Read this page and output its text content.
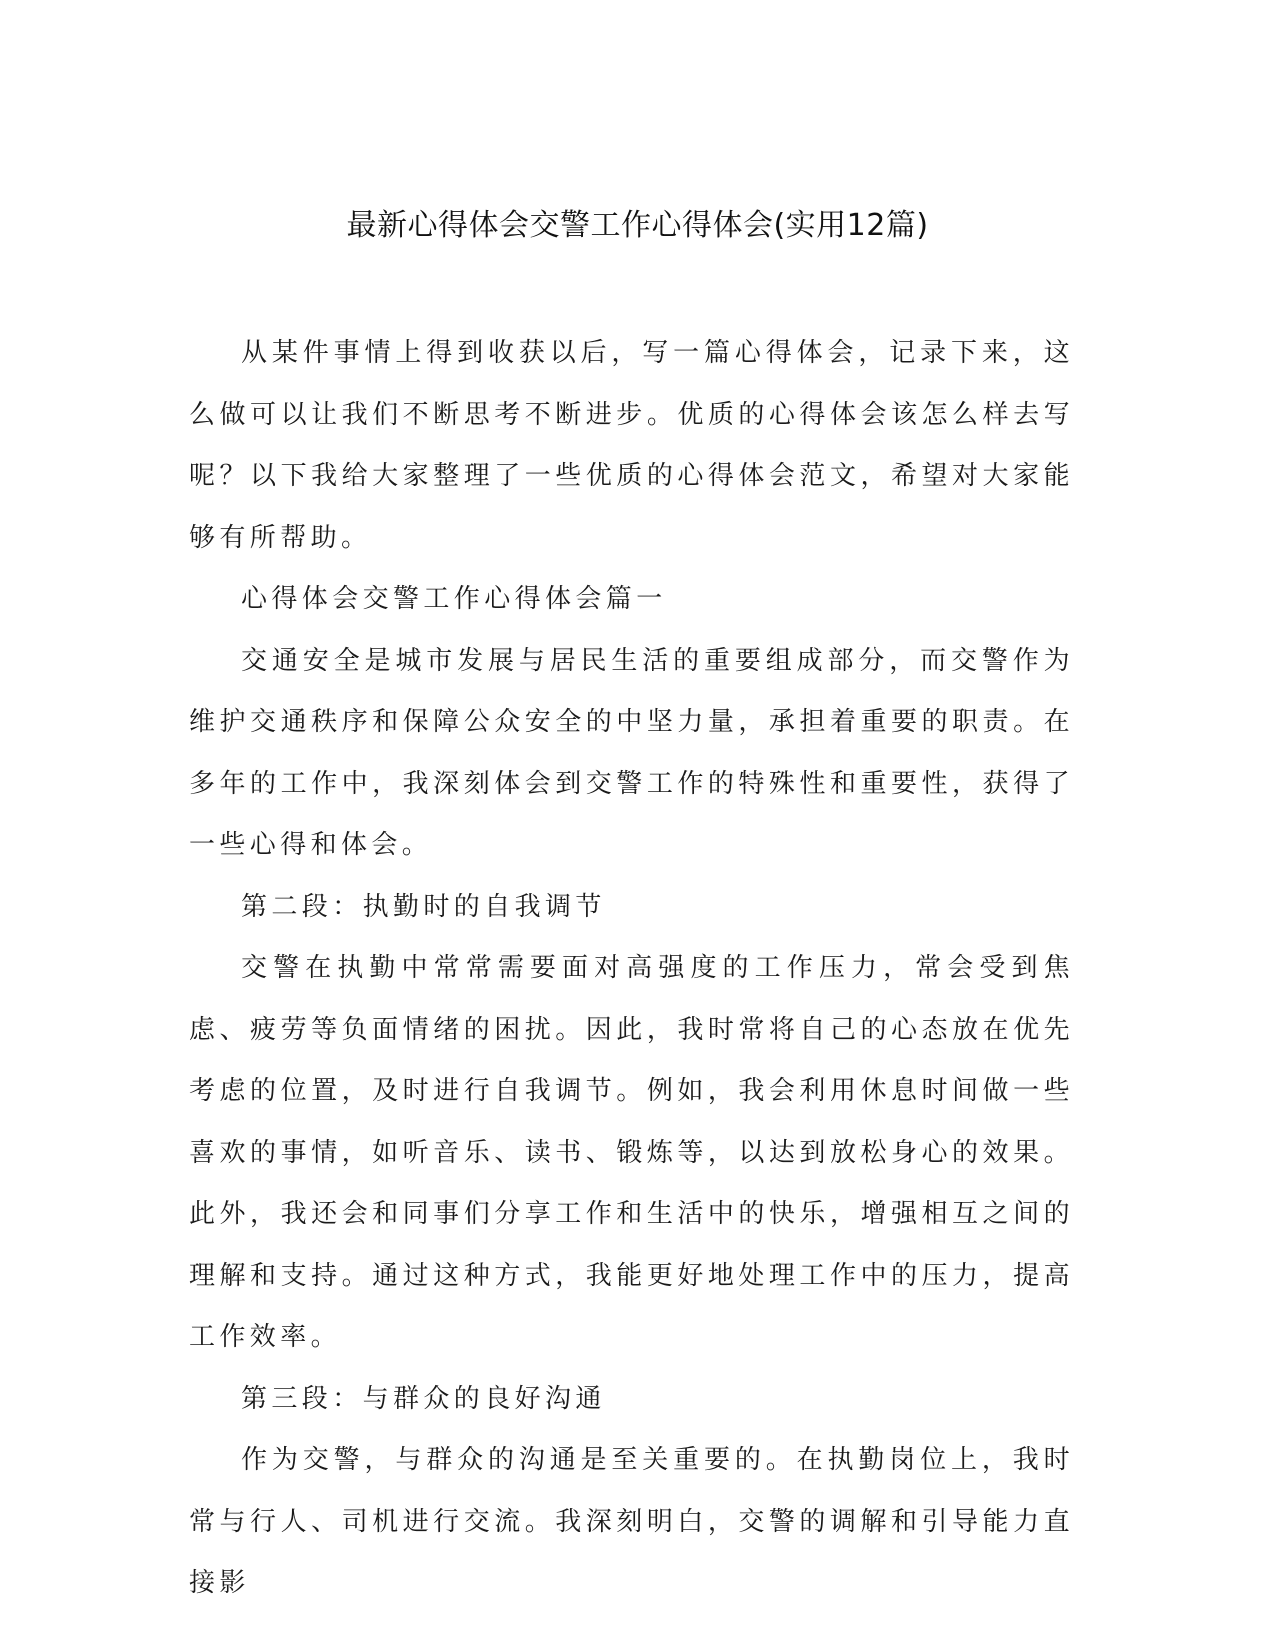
最新心得体会交警工作心得体会(实用12篇)

从某件事情上得到收获以后，写一篇心得体会，记录下来，这么做可以让我们不断思考不断进步。优质的心得体会该怎么样去写呢？以下我给大家整理了一些优质的心得体会范文，希望对大家能够有所帮助。

心得体会交警工作心得体会篇一

交通安全是城市发展与居民生活的重要组成部分，而交警作为维护交通秩序和保障公众安全的中坚力量，承担着重要的职责。在多年的工作中，我深刻体会到交警工作的特殊性和重要性，获得了一些心得和体会。

第二段：执勤时的自我调节

交警在执勤中常常需要面对高强度的工作压力，常会受到焦虑、疲劳等负面情绪的困扰。因此，我时常将自己的心态放在优先考虑的位置，及时进行自我调节。例如，我会利用休息时间做一些喜欢的事情，如听音乐、读书、锻炼等，以达到放松身心的效果。此外，我还会和同事们分享工作和生活中的快乐，增强相互之间的理解和支持。通过这种方式，我能更好地处理工作中的压力，提高工作效率。

第三段：与群众的良好沟通

作为交警，与群众的沟通是至关重要的。在执勤岗位上，我时常与行人、司机进行交流。我深刻明白，交警的调解和引导能力直接影
